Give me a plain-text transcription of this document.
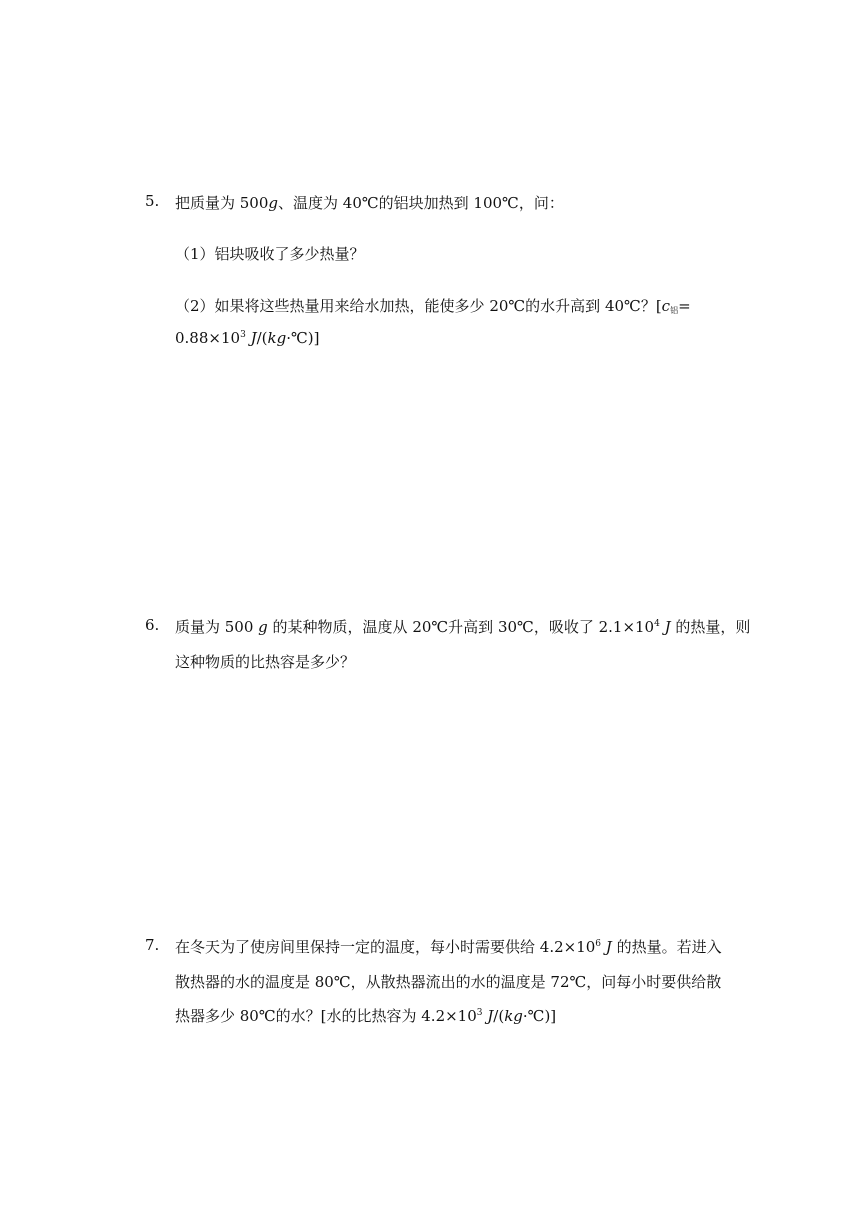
5. 把质量为 500g、温度为 40℃的铝块加热到 100℃，问：
（1）铝块吸收了多少热量？
（2）如果将这些热量用来给水加热，能使多少 20℃的水升高到 40℃？[$c_铝=$
$0.88\times 10^3$ J/(kg·℃)]
6. 质量为 500 g 的某种物质，温度从 20℃升高到 30℃，吸收了 $2.1\times 10^4$ J 的热量，则
这种物质的比热容是多少？
7. 在冬天为了使房间里保持一定的温度，每小时需要供给 $4.2\times 10^6$ J 的热量。若进入
散热器的水的温度是 80℃，从散热器流出的水的温度是 72℃，问每小时要供给散
热器多少 80℃的水？[水的比热容为 $4.2\times 10^3$ J/(kg·℃)]
